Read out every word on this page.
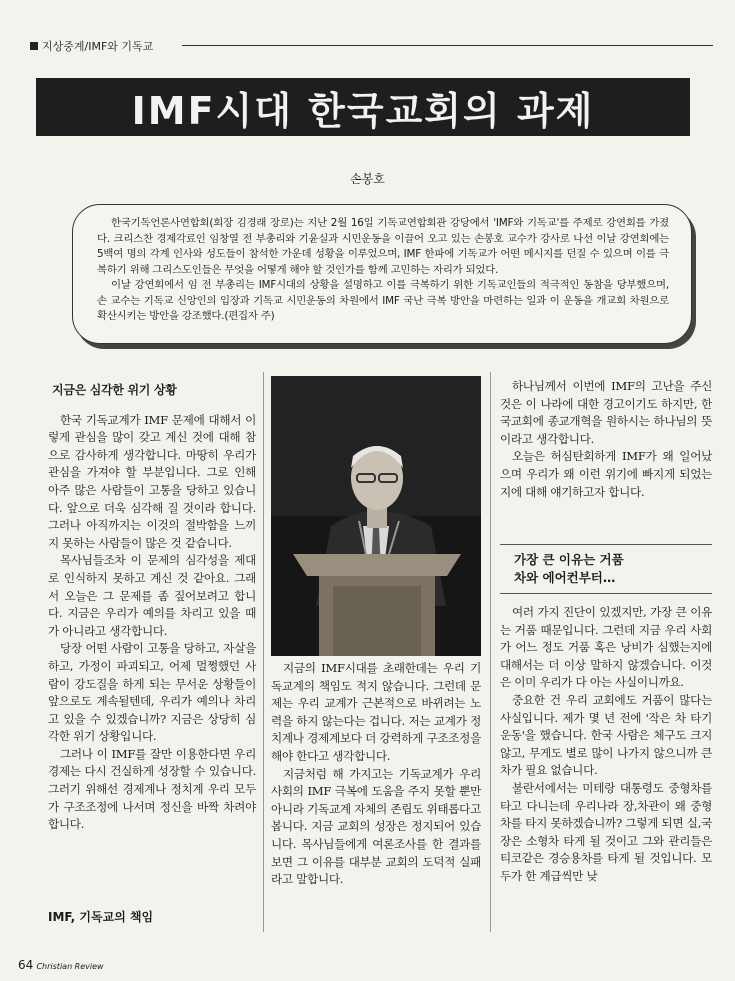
지상중계/IMF와 기독교
IMF시대 한국교회의 과제
손봉호

한국기독언론사연합회(회장 김경래 장로)는 지난 2월 16일 기독교연합회관 강당에서 'IMF와 기독교'를 주제로 강연회를 가졌다. 크리스찬 경제각료인 임창열 전 부총리와 기윤실과 시민운동을 이끌어 오고 있는 손봉호 교수가 강사로 나선 이날 강연회에는 5백여 명의 각계 인사와 성도들이 참석한 가운데 성황을 이루었으며, IMF 한파에 기독교가 어떤 메시지를 던질 수 있으며 이를 극복하기 위해 그리스도인들은 무엇을 어떻게 해야 할 것인가를 함께 고민하는 자리가 되었다.

이날 강연회에서 임 전 부총리는 IMF시대의 상황을 설명하고 이를 극복하기 위한 기독교인들의 적극적인 동참을 당부했으며, 손 교수는 기독교 신앙인의 입장과 기독교 시민운동의 차원에서 IMF 국난 극복 방안을 마련하는 일과 이 운동을 개교회 차원으로 확산시키는 방안을 강조했다.(편집자 주)

지금은 심각한 위기 상황

한국 기독교계가 IMF 문제에 대해서 이렇게 관심을 많이 갖고 계신 것에 대해 참으로 감사하게 생각합니다. 마땅히 우리가 관심을 가져야 할 부분입니다. 그로 인해 아주 많은 사람들이 고통을 당하고 있습니다. 앞으로 더욱 심각해 질 것이라 합니다. 그러나 아직까지는 이것의 절박함을 느끼지 못하는 사람들이 많은 것 같습니다.

목사님들조차 이 문제의 심각성을 제대로 인식하지 못하고 계신 것 같아요. 그래서 오늘은 그 문제를 좀 짚어보려고 합니다. 지금은 우리가 예의를 차리고 있을 때가 아니라고 생각합니다.

당장 어떤 사람이 고통을 당하고, 자살을 하고, 가정이 파괴되고, 어제 멀쩡했던 사람이 강도질을 하게 되는 무서운 상황들이 앞으로도 계속될텐데, 우리가 예의나 차리고 있을 수 있겠습니까? 지금은 상당히 심각한 위기 상황입니다.

그러나 이 IMF를 잘만 이용한다면 우리 경제는 다시 건실하게 성장할 수 있습니다. 그러기 위해선 경제계나 정치계 우리 모두가 구조조정에 나서며 정신을 바짝 차려야 합니다.

IMF, 기독교의 책임

지금의 IMF시대를 초래한데는 우리 기독교계의 책임도 적지 않습니다. 그런데 문제는 우리 교계가 근본적으로 바뀌려는 노력을 하지 않는다는 겁니다. 저는 교계가 정치계나 경제계보다 더 강력하게 구조조정을 해야 한다고 생각합니다.

지금처럼 해 가지고는 기독교계가 우리 사회의 IMF 극복에 도움을 주지 못할 뿐만 아니라 기독교계 자체의 존립도 위태롭다고 봅니다. 지금 교회의 성장은 정지되어 있습니다. 목사님들에게 여론조사를 한 결과를 보면 그 이유를 대부분 교회의 도덕적 실패라고 말합니다.

하나님께서 이번에 IMF의 고난을 주신 것은 이 나라에 대한 경고이기도 하지만, 한국교회에 종교개혁을 원하시는 하나님의 뜻이라고 생각합니다.

오늘은 허심탄회하게 IMF가 왜 일어났으며 우리가 왜 이런 위기에 빠지게 되었는지에 대해 얘기하고자 합니다.

가장 큰 이유는 거품
차와 에어컨부터…

여러 가지 진단이 있겠지만, 가장 큰 이유는 거품 때문입니다. 그런데 지금 우리 사회가 어느 정도 거품 혹은 낭비가 심했는지에 대해서는 더 이상 말하지 않겠습니다. 이것은 이미 우리가 다 아는 사실이니까요.

중요한 건 우리 교회에도 거품이 많다는 사실입니다. 제가 몇 년 전에 '작은 차 타기 운동'을 했습니다. 한국 사람은 체구도 크지 않고, 무게도 별로 많이 나가지 않으니까 큰 차가 필요 없습니다.

불란서에서는 미테랑 대통령도 중형차를 타고 다니는데 우리나라 장,차관이 왜 중형차를 타지 못하겠습니까? 그렇게 되면 실,국장은 소형차 타게 될 것이고 그와 관리들은 티코같은 경승용차를 타게 될 것입니다. 모두가 한 계급씩만 낮

64 Christian Review
